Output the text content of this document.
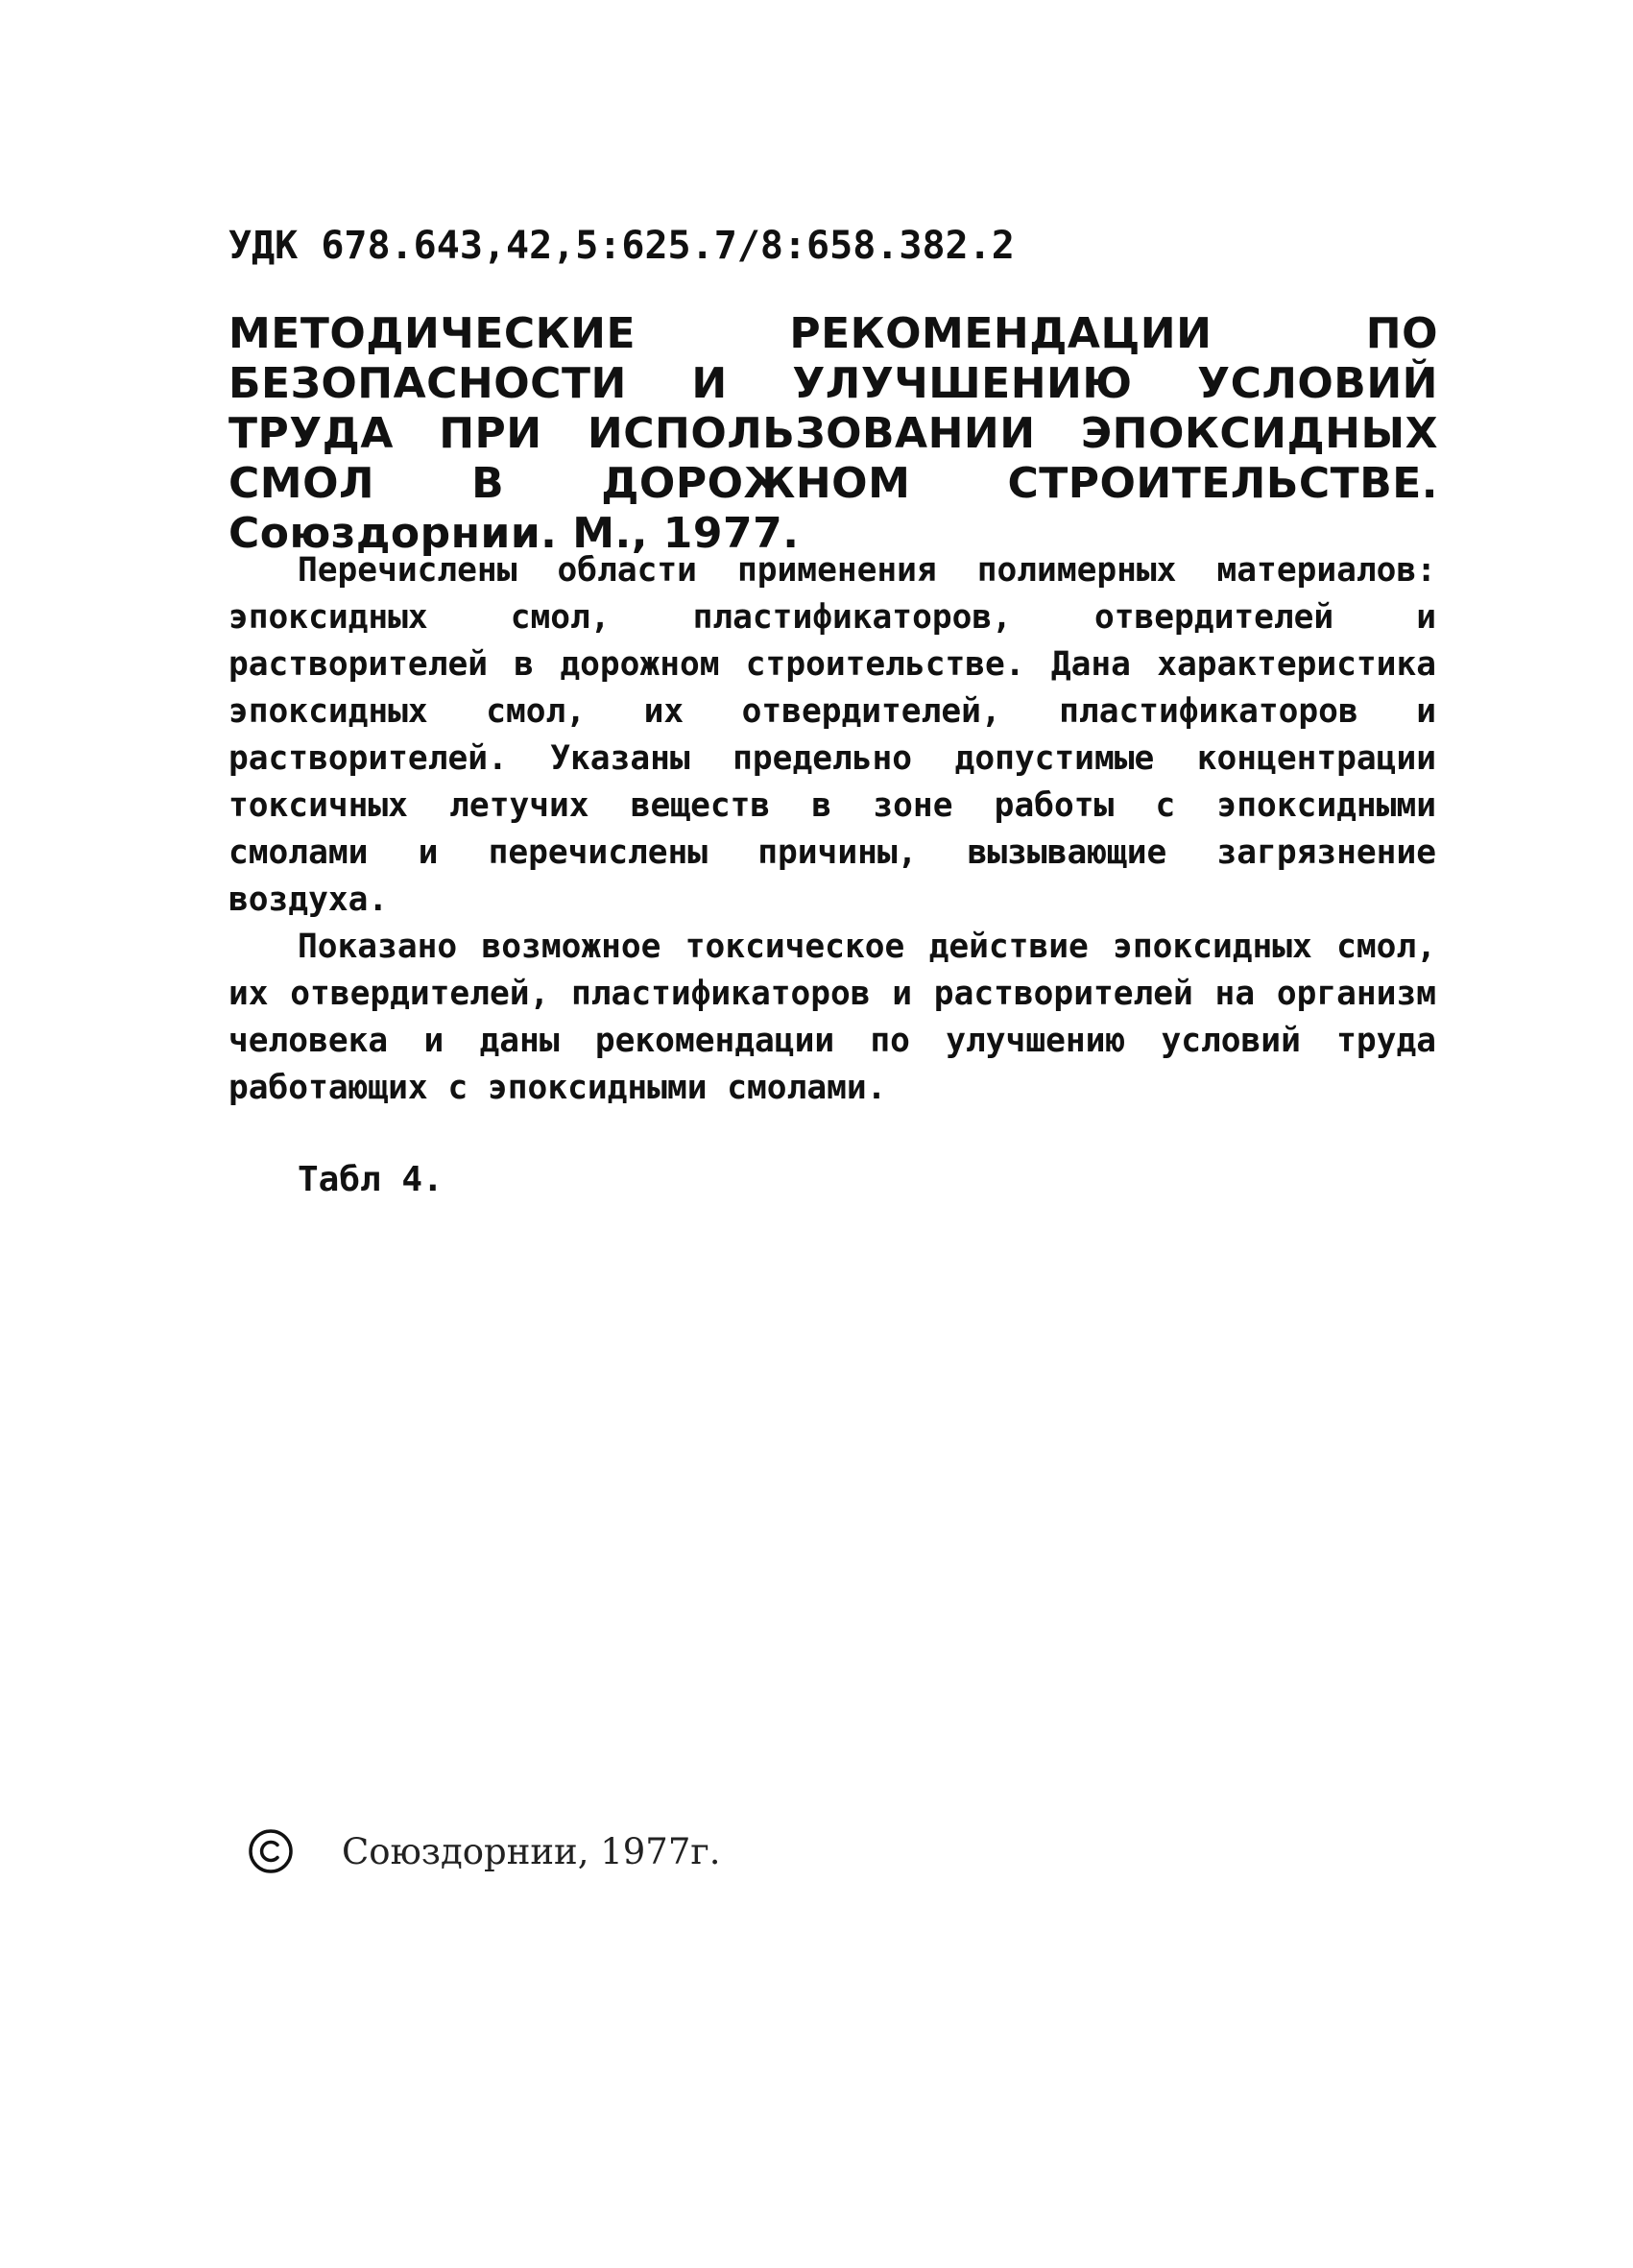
УДК 678.643,42,5:625.7/8:658.382.2
МЕТОДИЧЕСКИЕ РЕКОМЕНДАЦИИ ПО БЕЗОПАСНОСТИ И УЛУЧШЕНИЮ УСЛОВИЙ ТРУДА ПРИ ИСПОЛЬЗОВАНИИ ЭПОКСИДНЫХ СМОЛ В ДОРОЖНОМ СТРОИТЕЛЬСТВЕ. Союздорнии. М., 1977.

Перечислены области применения полимерных материалов: эпоксидных смол, пластификаторов, отвердителей и растворителей в дорожном строительстве. Дана характеристика эпоксидных смол, их отвердителей, пластификаторов и растворителей. Указаны предельно допустимые концентрации токсичных летучих веществ в зоне работы с эпоксидными смолами и перечислены причины, вызывающие загрязнение воздуха.

Показано возможное токсическое действие эпоксидных смол, их отвердителей, пластификаторов и растворителей на организм человека и даны рекомендации по улучшению условий труда работающих с эпоксидными смолами.

Табл 4.
Союздорнии, 1977г.
